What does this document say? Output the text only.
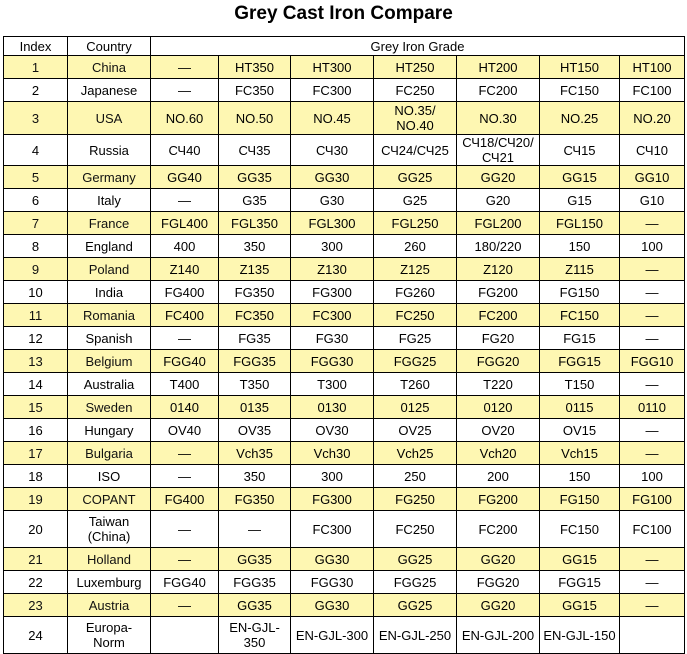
Grey Cast Iron Compare
Index	Country	Grey Iron Grade						
1	China	—	HT350	HT300	HT250	HT200	HT150	HT100
2	Japanese	—	FC350	FC300	FC250	FC200	FC150	FC100
3	USA	NO.60	NO.50	NO.45	NO.35/
NO.40	NO.30	NO.25	NO.20
4	Russia	СЧ40	СЧ35	СЧ30	СЧ24/СЧ25	СЧ18/СЧ20/
СЧ21	СЧ15	СЧ10
5	Germany	GG40	GG35	GG30	GG25	GG20	GG15	GG10
6	Italy	—	G35	G30	G25	G20	G15	G10
7	France	FGL400	FGL350	FGL300	FGL250	FGL200	FGL150	—
8	England	400	350	300	260	180/220	150	100
9	Poland	Z140	Z135	Z130	Z125	Z120	Z115	—
10	India	FG400	FG350	FG300	FG260	FG200	FG150	—
11	Romania	FC400	FC350	FC300	FC250	FC200	FC150	—
12	Spanish	—	FG35	FG30	FG25	FG20	FG15	—
13	Belgium	FGG40	FGG35	FGG30	FGG25	FGG20	FGG15	FGG10
14	Australia	T400	T350	T300	T260	T220	T150	—
15	Sweden	0140	0135	0130	0125	0120	0115	0110
16	Hungary	OV40	OV35	OV30	OV25	OV20	OV15	—
17	Bulgaria	—	Vch35	Vch30	Vch25	Vch20	Vch15	—
18	ISO	—	350	300	250	200	150	100
19	COPANT	FG400	FG350	FG300	FG250	FG200	FG150	FG100
20	Taiwan
(China)	—	—	FC300	FC250	FC200	FC150	FC100
21	Holland	—	GG35	GG30	GG25	GG20	GG15	—
22	Luxemburg	FGG40	FGG35	FGG30	FGG25	FGG20	FGG15	—
23	Austria	—	GG35	GG30	GG25	GG20	GG15	—
24	Europa-
Norm		EN-GJL-
350	EN-GJL-300	EN-GJL-250	EN-GJL-200	EN-GJL-150	
